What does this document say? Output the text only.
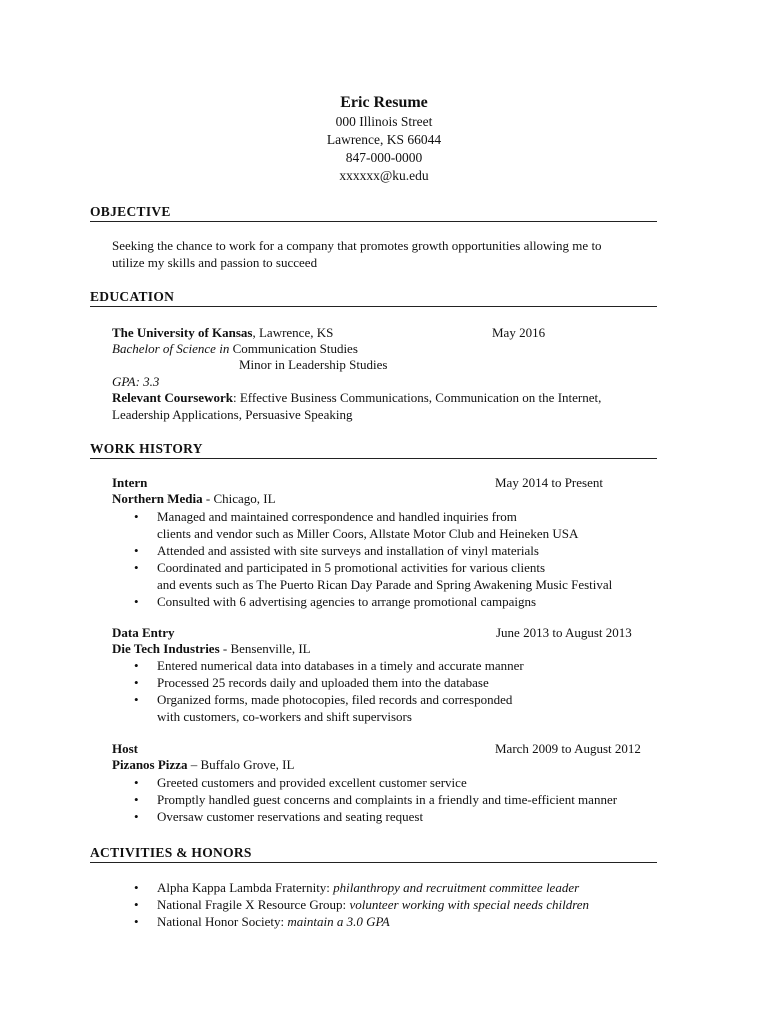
Eric Resume
000 Illinois Street
Lawrence, KS 66044
847-000-0000
xxxxxx@ku.edu
OBJECTIVE
Seeking the chance to work for a company that promotes growth opportunities allowing me to
utilize my skills and passion to succeed
EDUCATION
The University of Kansas, Lawrence, KS	May 2016
Bachelor of Science in Communication Studies
Minor in Leadership Studies
GPA: 3.3
Relevant Coursework: Effective Business Communications, Communication on the Internet,
Leadership Applications, Persuasive Speaking
WORK HISTORY
Intern	May 2014 to Present
Northern Media - Chicago, IL
• Managed and maintained correspondence and handled inquiries from
clients and vendor such as Miller Coors, Allstate Motor Club and Heineken USA
• Attended and assisted with site surveys and installation of vinyl materials
• Coordinated and participated in 5 promotional activities for various clients
and events such as The Puerto Rican Day Parade and Spring Awakening Music Festival
• Consulted with 6 advertising agencies to arrange promotional campaigns
Data Entry	June 2013 to August 2013
Die Tech Industries - Bensenville, IL
• Entered numerical data into databases in a timely and accurate manner
• Processed 25 records daily and uploaded them into the database
• Organized forms, made photocopies, filed records and corresponded
with customers, co-workers and shift supervisors
Host	March 2009 to August 2012
Pizanos Pizza – Buffalo Grove, IL
• Greeted customers and provided excellent customer service
• Promptly handled guest concerns and complaints in a friendly and time-efficient manner
• Oversaw customer reservations and seating request
ACTIVITIES & HONORS
• Alpha Kappa Lambda Fraternity: philanthropy and recruitment committee leader
• National Fragile X Resource Group: volunteer working with special needs children
• National Honor Society: maintain a 3.0 GPA
